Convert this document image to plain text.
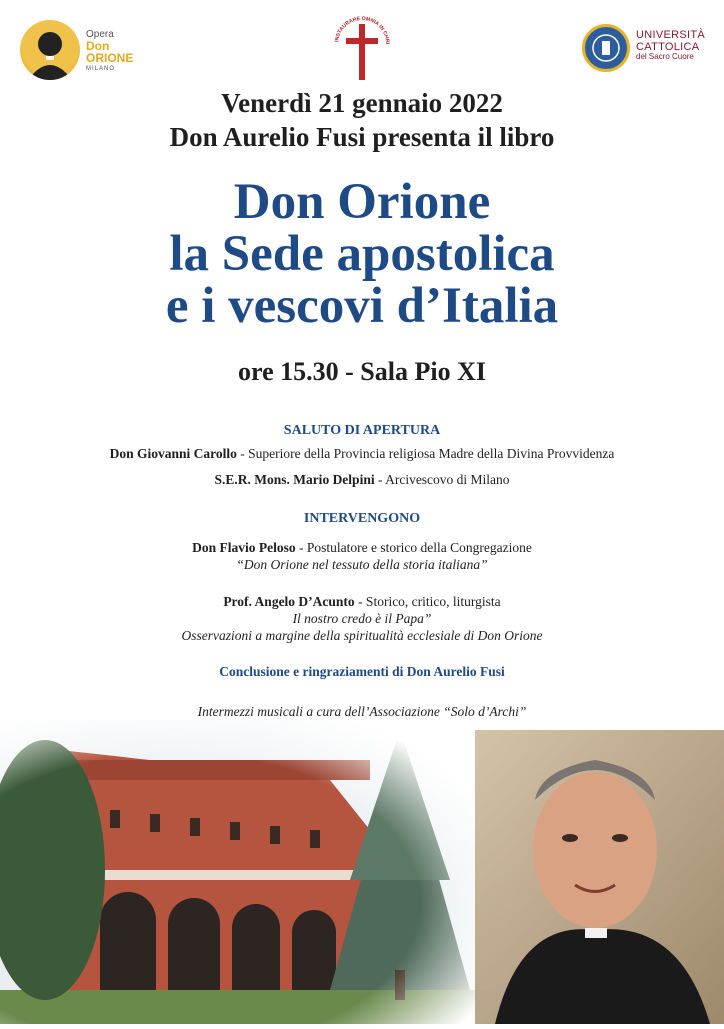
Opera
Don
ORIONE
MILANO
INSTAURARE OMNIA IN CHRI
UNIVERSITÀ
CATTOLICA
del Sacro Cuore
Venerdì 21 gennaio 2022
Don Aurelio Fusi presenta il libro
Don Orione
la Sede apostolica
e i vescovi d’Italia
ore 15.30 - Sala Pio XI
SALUTO DI APERTURA
Don Giovanni Carollo - Superiore della Provincia religiosa Madre della Divina Provvidenza
S.E.R. Mons. Mario Delpini - Arcivescovo di Milano
INTERVENGONO
Don Flavio Peloso - Postulatore e storico della Congregazione
“Don Orione nel tessuto della storia italiana”
Prof. Angelo D’Acunto - Storico, critico, liturgista
Il nostro credo è il Papa”
Osservazioni a margine della spiritualità ecclesiale di Don Orione
Conclusione e ringraziamenti di Don Aurelio Fusi
Intermezzi musicali a cura dell’Associazione “Solo d’Archi”
